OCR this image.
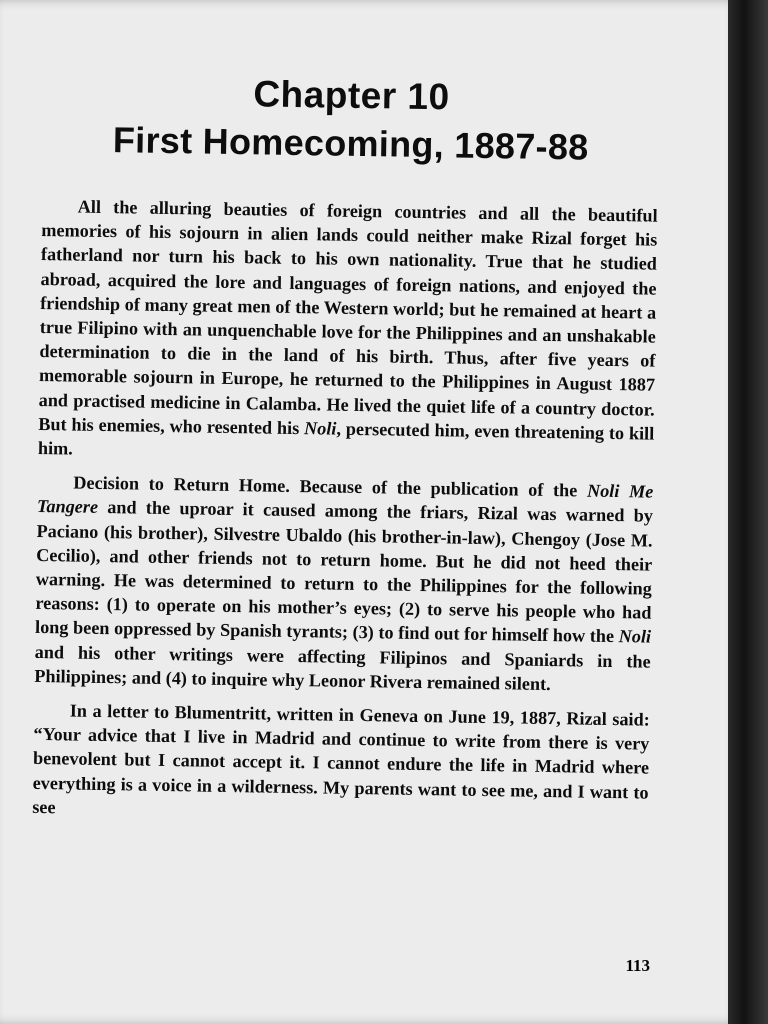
Chapter 10
First Homecoming, 1887-88

All the alluring beauties of foreign countries and all the beautiful memories of his sojourn in alien lands could neither make Rizal forget his fatherland nor turn his back to his own nationality. True that he studied abroad, acquired the lore and languages of foreign nations, and enjoyed the friendship of many great men of the Western world; but he remained at heart a true Filipino with an unquenchable love for the Philippines and an unshakable determination to die in the land of his birth. Thus, after five years of memorable sojourn in Europe, he returned to the Philippines in August 1887 and practised medicine in Calamba. He lived the quiet life of a country doctor. But his enemies, who resented his Noli, persecuted him, even threatening to kill him.

Decision to Return Home. Because of the publication of the Noli Me Tangere and the uproar it caused among the friars, Rizal was warned by Paciano (his brother), Silvestre Ubaldo (his brother-in-law), Chengoy (Jose M. Cecilio), and other friends not to return home. But he did not heed their warning. He was determined to return to the Philippines for the following reasons: (1) to operate on his mother’s eyes; (2) to serve his people who had long been oppressed by Spanish tyrants; (3) to find out for himself how the Noli and his other writings were affecting Filipinos and Spaniards in the Philippines; and (4) to inquire why Leonor Rivera remained silent.

In a letter to Blumentritt, written in Geneva on June 19, 1887, Rizal said: “Your advice that I live in Madrid and continue to write from there is very benevolent but I cannot accept it. I cannot endure the life in Madrid where everything is a voice in a wilderness. My parents want to see me, and I want to see

113
